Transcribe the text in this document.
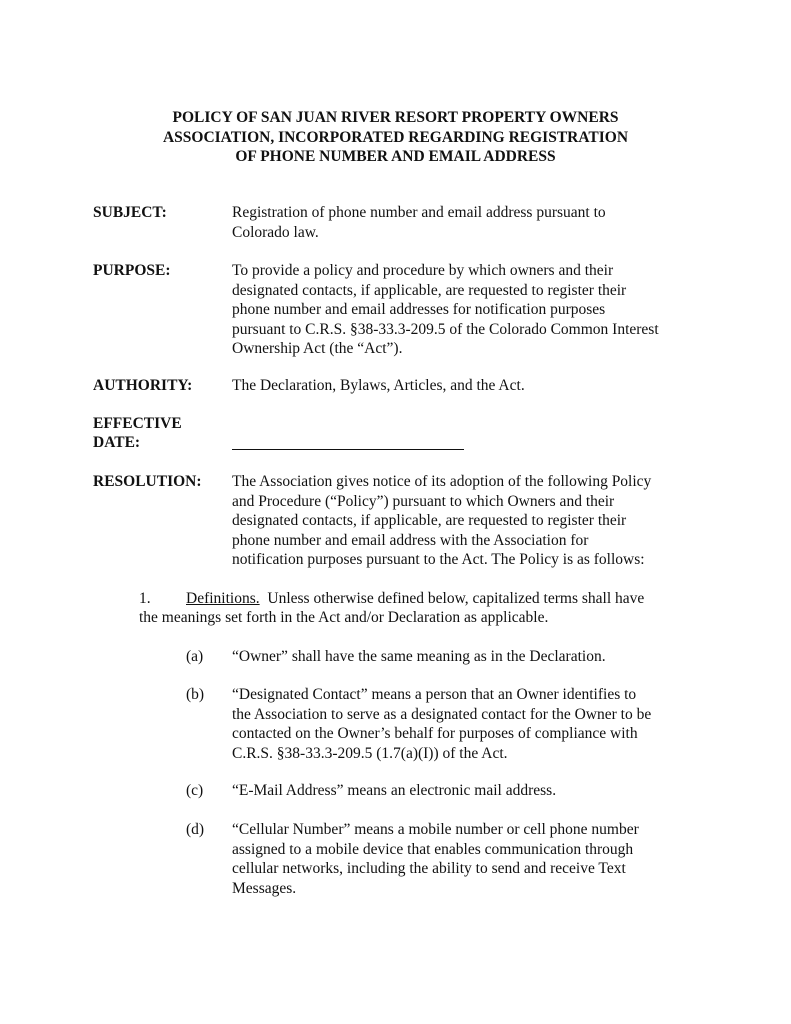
POLICY OF SAN JUAN RIVER RESORT PROPERTY OWNERS
ASSOCIATION, INCORPORATED REGARDING REGISTRATION
OF PHONE NUMBER AND EMAIL ADDRESS
SUBJECT:	Registration of phone number and email address pursuant to
Colorado law.
PURPOSE:	To provide a policy and procedure by which owners and their
designated contacts, if applicable, are requested to register their
phone number and email addresses for notification purposes
pursuant to C.R.S. §38-33.3-209.5 of the Colorado Common Interest
Ownership Act (the “Act”).
AUTHORITY:	The Declaration, Bylaws, Articles, and the Act.
EFFECTIVE
DATE:
RESOLUTION: The Association gives notice of its adoption of the following Policy
and Procedure (“Policy”) pursuant to which Owners and their
designated contacts, if applicable, are requested to register their
phone number and email address with the Association for
notification purposes pursuant to the Act. The Policy is as follows:
1. Definitions.  Unless otherwise defined below, capitalized terms shall have
the meanings set forth in the Act and/or Declaration as applicable.
(a) “Owner” shall have the same meaning as in the Declaration.
(b) “Designated Contact” means a person that an Owner identifies to
the Association to serve as a designated contact for the Owner to be
contacted on the Owner’s behalf for purposes of compliance with
C.R.S. §38-33.3-209.5 (1.7(a)(I)) of the Act.
(c) “E-Mail Address” means an electronic mail address.
(d) “Cellular Number” means a mobile number or cell phone number
assigned to a mobile device that enables communication through
cellular networks, including the ability to send and receive Text
Messages.
